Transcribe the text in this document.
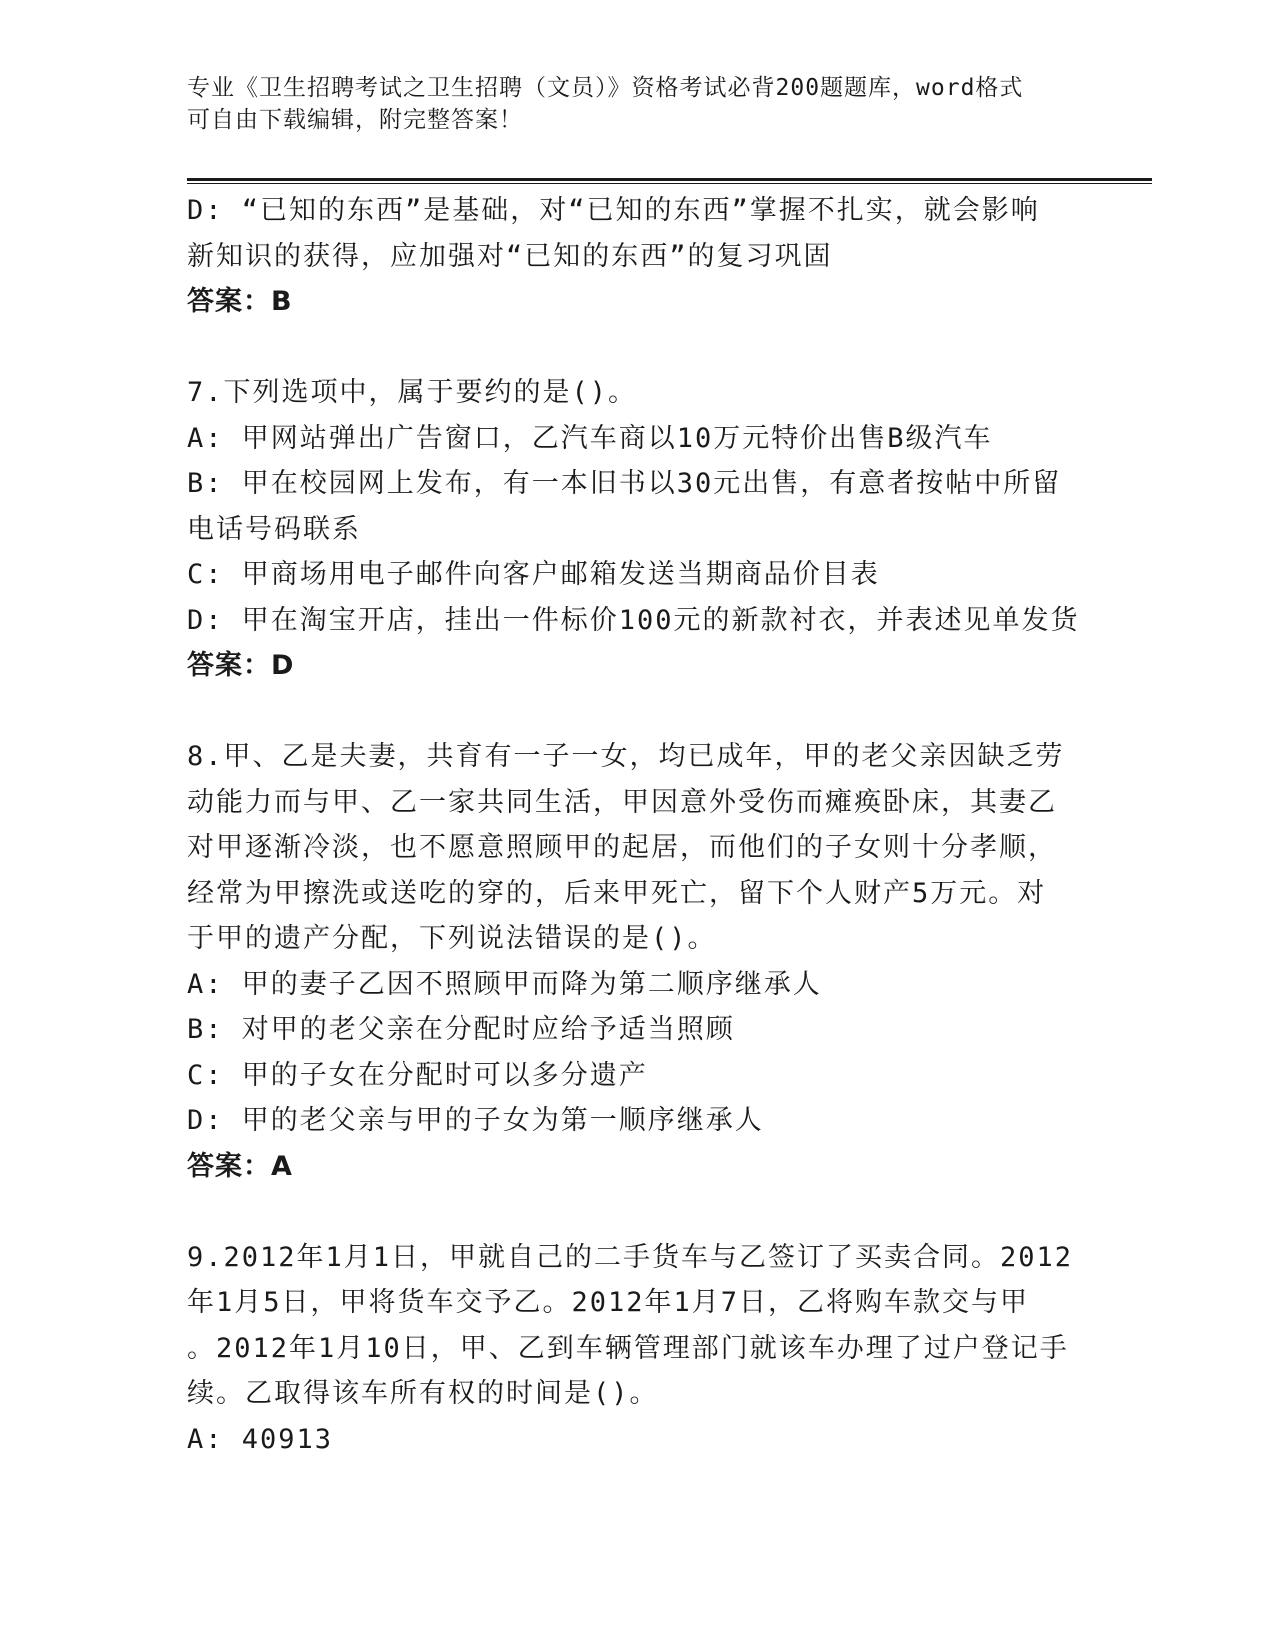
专业《卫生招聘考试之卫生招聘（文员）》资格考试必背200题题库，word格式
可自由下载编辑，附完整答案！
D: “已知的东西”是基础，对“已知的东西”掌握不扎实，就会影响
新知识的获得，应加强对“已知的东西”的复习巩固
答案：B
7.下列选项中，属于要约的是()。
A: 甲网站弹出广告窗口，乙汽车商以10万元特价出售B级汽车
B: 甲在校园网上发布，有一本旧书以30元出售，有意者按帖中所留
电话号码联系
C: 甲商场用电子邮件向客户邮箱发送当期商品价目表
D: 甲在淘宝开店，挂出一件标价100元的新款衬衣，并表述见单发货
答案：D
8.甲、乙是夫妻，共育有一子一女，均已成年，甲的老父亲因缺乏劳
动能力而与甲、乙一家共同生活，甲因意外受伤而瘫痪卧床，其妻乙
对甲逐渐冷淡，也不愿意照顾甲的起居，而他们的子女则十分孝顺，
经常为甲擦洗或送吃的穿的，后来甲死亡，留下个人财产5万元。对
于甲的遗产分配，下列说法错误的是()。
A: 甲的妻子乙因不照顾甲而降为第二顺序继承人
B: 对甲的老父亲在分配时应给予适当照顾
C: 甲的子女在分配时可以多分遗产
D: 甲的老父亲与甲的子女为第一顺序继承人
答案：A
9.2012年1月1日，甲就自己的二手货车与乙签订了买卖合同。2012
年1月5日，甲将货车交予乙。2012年1月7日，乙将购车款交与甲
。2012年1月10日，甲、乙到车辆管理部门就该车办理了过户登记手
续。乙取得该车所有权的时间是()。
A: 40913
